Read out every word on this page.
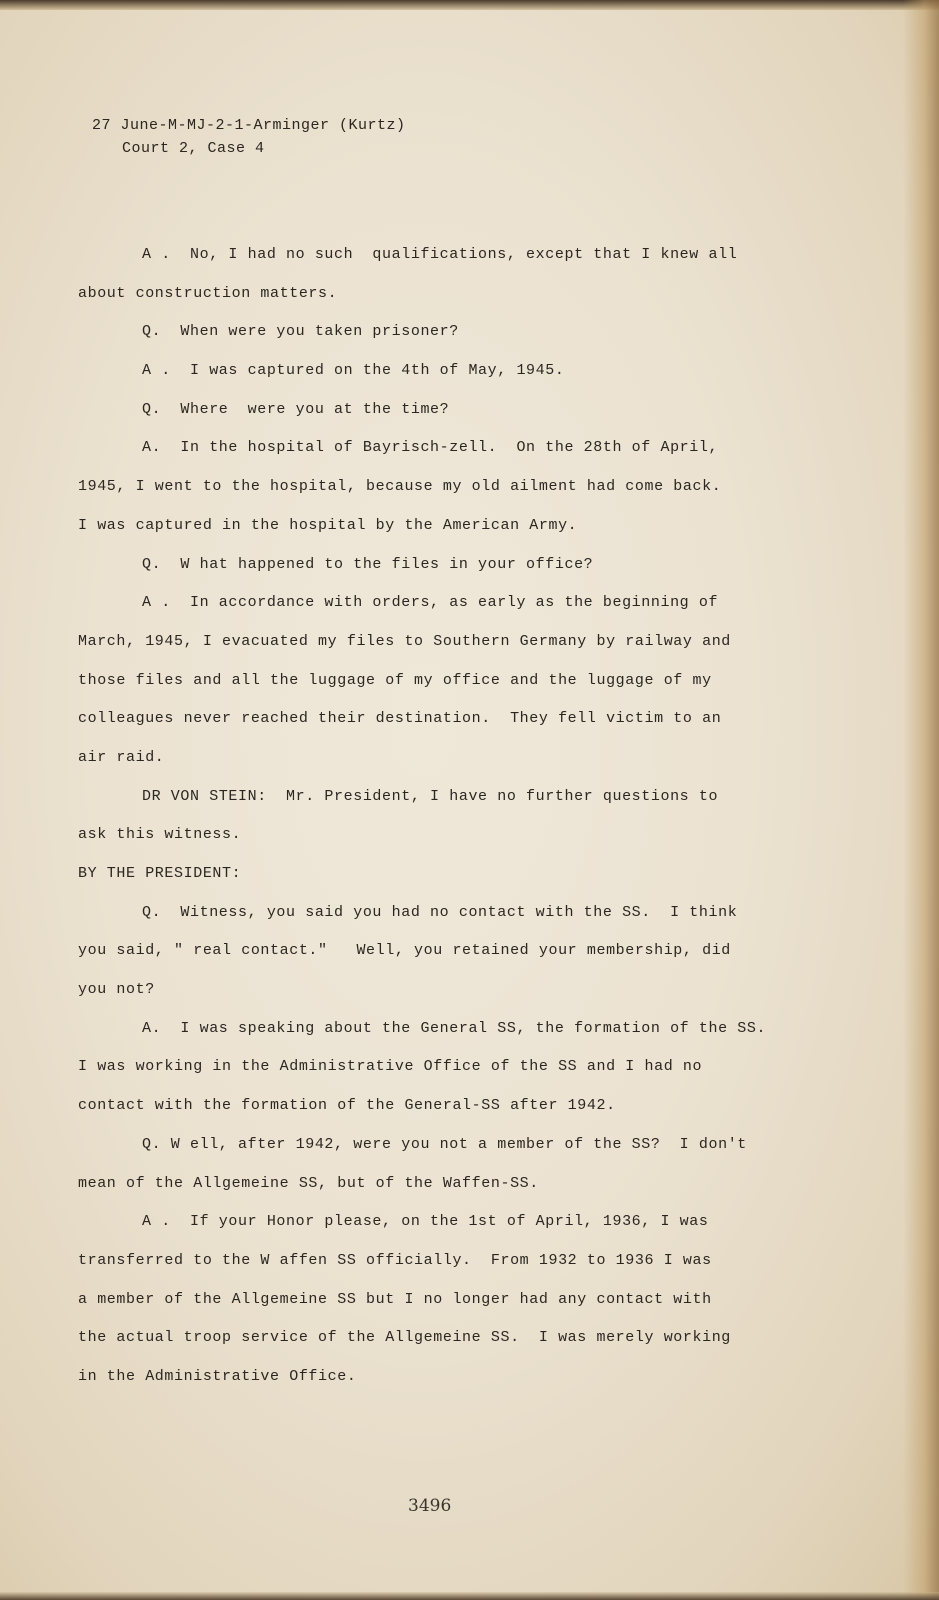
27 June-M-MJ-2-1-Arminger (Kurtz)
Court 2, Case 4
A .  No, I had no such  qualifications, except that I knew all
about construction matters.
Q.  When were you taken prisoner?
A .  I was captured on the 4th of May, 1945.
Q.  Where  were you at the time?
A.  In the hospital of Bayrisch-zell.  On the 28th of April,
1945, I went to the hospital, because my old ailment had come back.
I was captured in the hospital by the American Army.
Q.  W hat happened to the files in your office?
A .  In accordance with orders, as early as the beginning of
March, 1945, I evacuated my files to Southern Germany by railway and
those files and all the luggage of my office and the luggage of my
colleagues never reached their destination.  They fell victim to an
air raid.
DR VON STEIN:  Mr. President, I have no further questions to
ask this witness.
BY THE PRESIDENT:
Q.  Witness, you said you had no contact with the SS.  I think
you said, " real contact."   Well, you retained your membership, did
you not?
A.  I was speaking about the General SS, the formation of the SS.
I was working in the Administrative Office of the SS and I had no
contact with the formation of the General-SS after 1942.
Q. W ell, after 1942, were you not a member of the SS?  I don't
mean of the Allgemeine SS, but of the Waffen-SS.
A .  If your Honor please, on the 1st of April, 1936, I was
transferred to the W affen SS officially.  From 1932 to 1936 I was
a member of the Allgemeine SS but I no longer had any contact with
the actual troop service of the Allgemeine SS.  I was merely working
in the Administrative Office.
3496
